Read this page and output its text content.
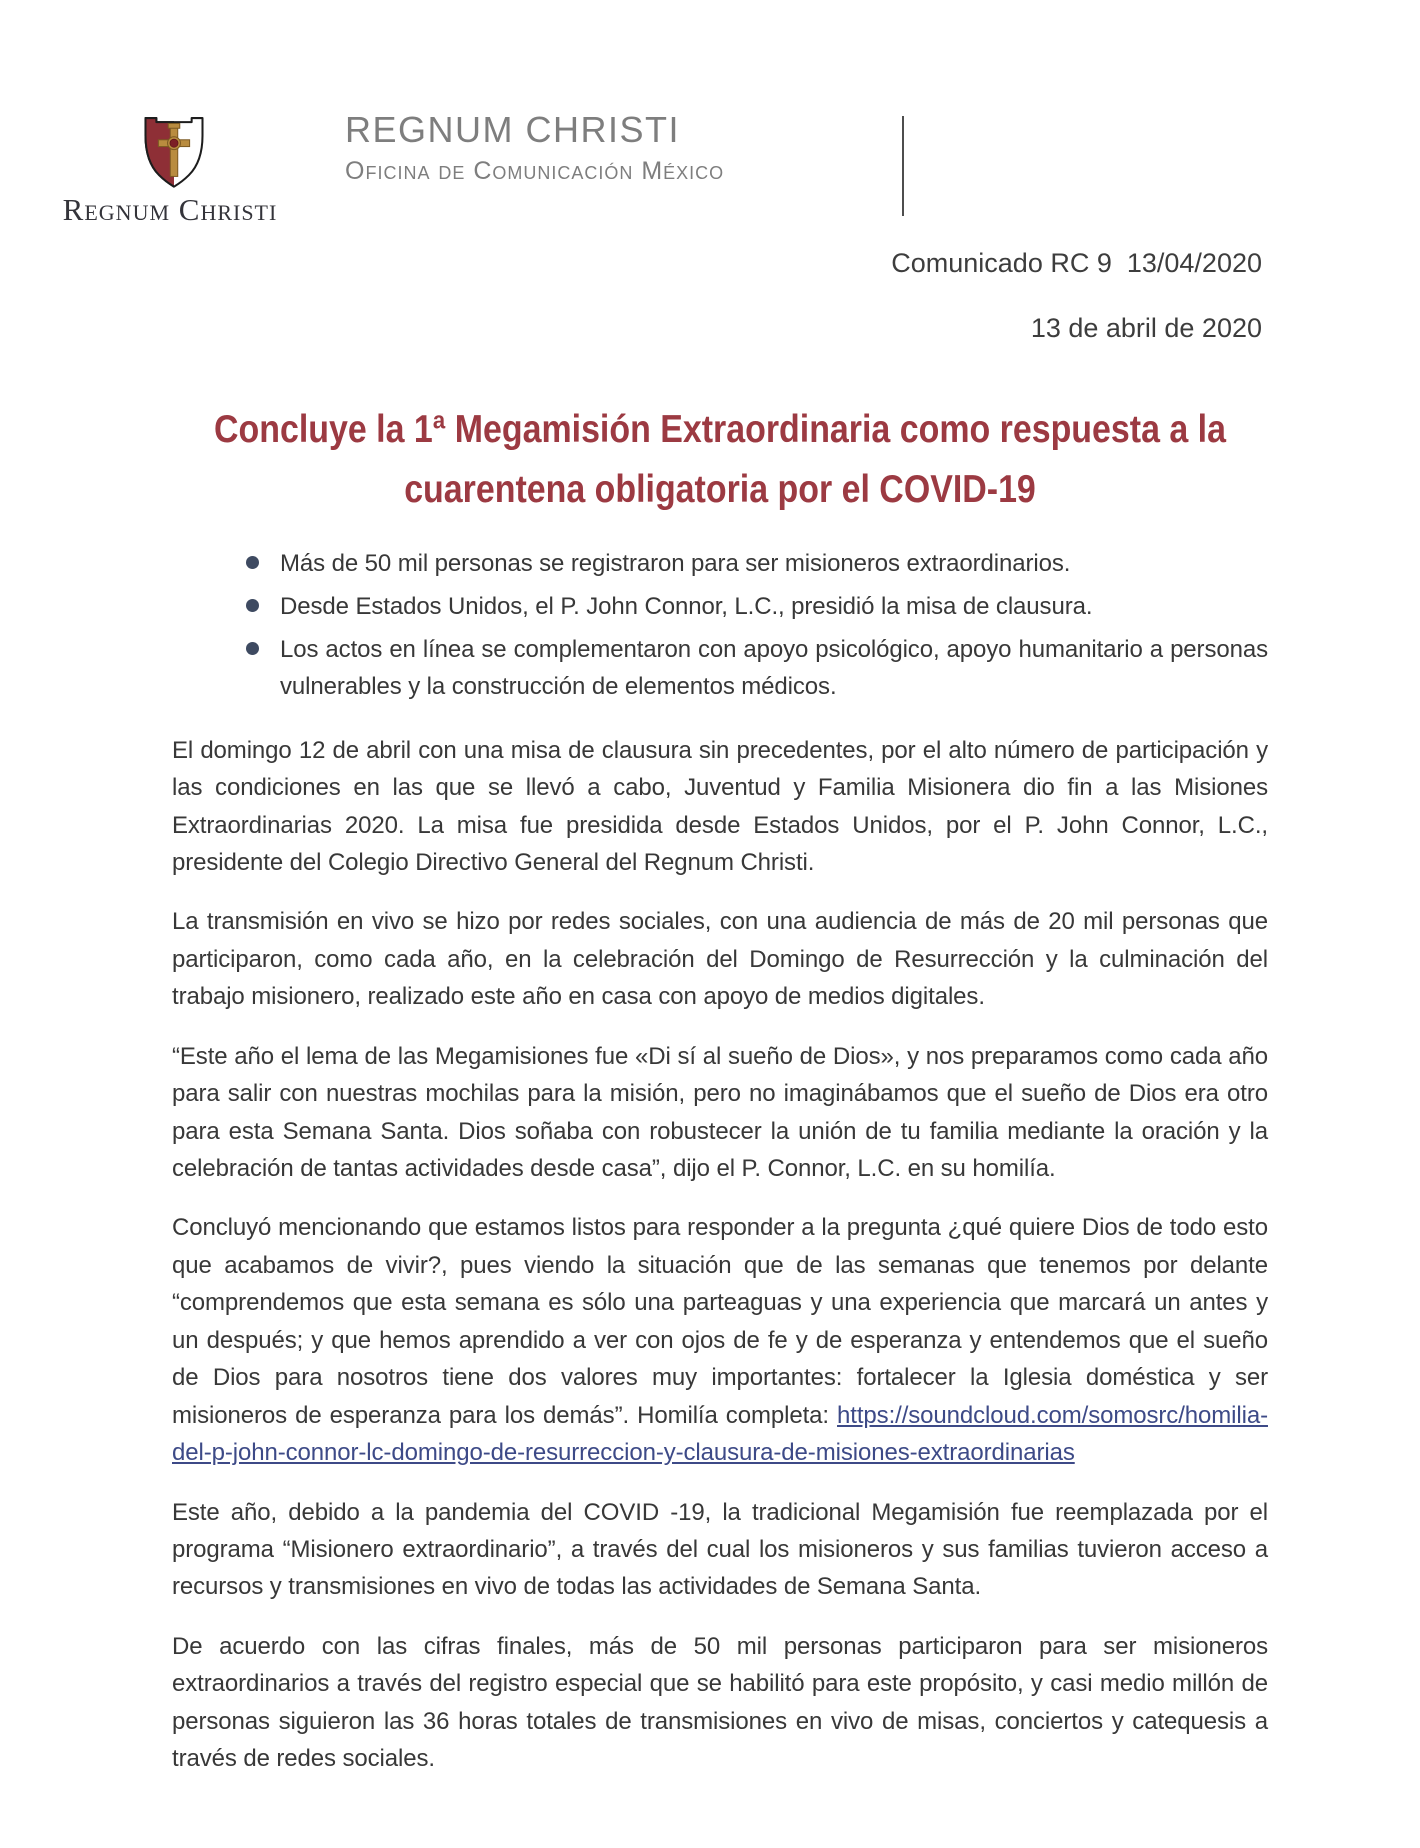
Regnum Christi
REGNUM CHRISTI
Oficina de Comunicación México
Comunicado RC 9  13/04/2020
13 de abril de 2020
Concluye la 1ª Megamisión Extraordinaria como respuesta a la cuarentena obligatoria por el COVID-19
Más de 50 mil personas se registraron para ser misioneros extraordinarios.
Desde Estados Unidos, el P. John Connor, L.C., presidió la misa de clausura.
Los actos en línea se complementaron con apoyo psicológico, apoyo humanitario a personas vulnerables y la construcción de elementos médicos.

El domingo 12 de abril con una misa de clausura sin precedentes, por el alto número de participación y las condiciones en las que se llevó a cabo, Juventud y Familia Misionera dio fin a las Misiones Extraordinarias 2020. La misa fue presidida desde Estados Unidos, por el P. John Connor, L.C., presidente del Colegio Directivo General del Regnum Christi.

La transmisión en vivo se hizo por redes sociales, con una audiencia de más de 20 mil personas que participaron, como cada año, en la celebración del Domingo de Resurrección y la culminación del trabajo misionero, realizado este año en casa con apoyo de medios digitales.

“Este año el lema de las Megamisiones fue «Di sí al sueño de Dios», y nos preparamos como cada año para salir con nuestras mochilas para la misión, pero no imaginábamos que el sueño de Dios era otro para esta Semana Santa. Dios soñaba con robustecer la unión de tu familia mediante la oración y la celebración de tantas actividades desde casa”, dijo el P. Connor, L.C. en su homilía.

Concluyó mencionando que estamos listos para responder a la pregunta ¿qué quiere Dios de todo esto que acabamos de vivir?, pues viendo la situación que de las semanas que tenemos por delante “comprendemos que esta semana es sólo una parteaguas y una experiencia que marcará un antes y un después; y que hemos aprendido a ver con ojos de fe y de esperanza y entendemos que el sueño de Dios para nosotros tiene dos valores muy importantes: fortalecer la Iglesia doméstica y ser misioneros de esperanza para los demás”. Homilía completa: https://soundcloud.com/somosrc/homilia-del-p-john-connor-lc-domingo-de-resurreccion-y-clausura-de-misiones-extraordinarias

Este año, debido a la pandemia del COVID -19, la tradicional Megamisión fue reemplazada por el programa “Misionero extraordinario”, a través del cual los misioneros y sus familias tuvieron acceso a recursos y transmisiones en vivo de todas las actividades de Semana Santa.

De acuerdo con las cifras finales, más de 50 mil personas participaron para ser misioneros extraordinarios a través del registro especial que se habilitó para este propósito, y casi medio millón de personas siguieron las 36 horas totales de transmisiones en vivo de misas, conciertos y catequesis a través de redes sociales.
